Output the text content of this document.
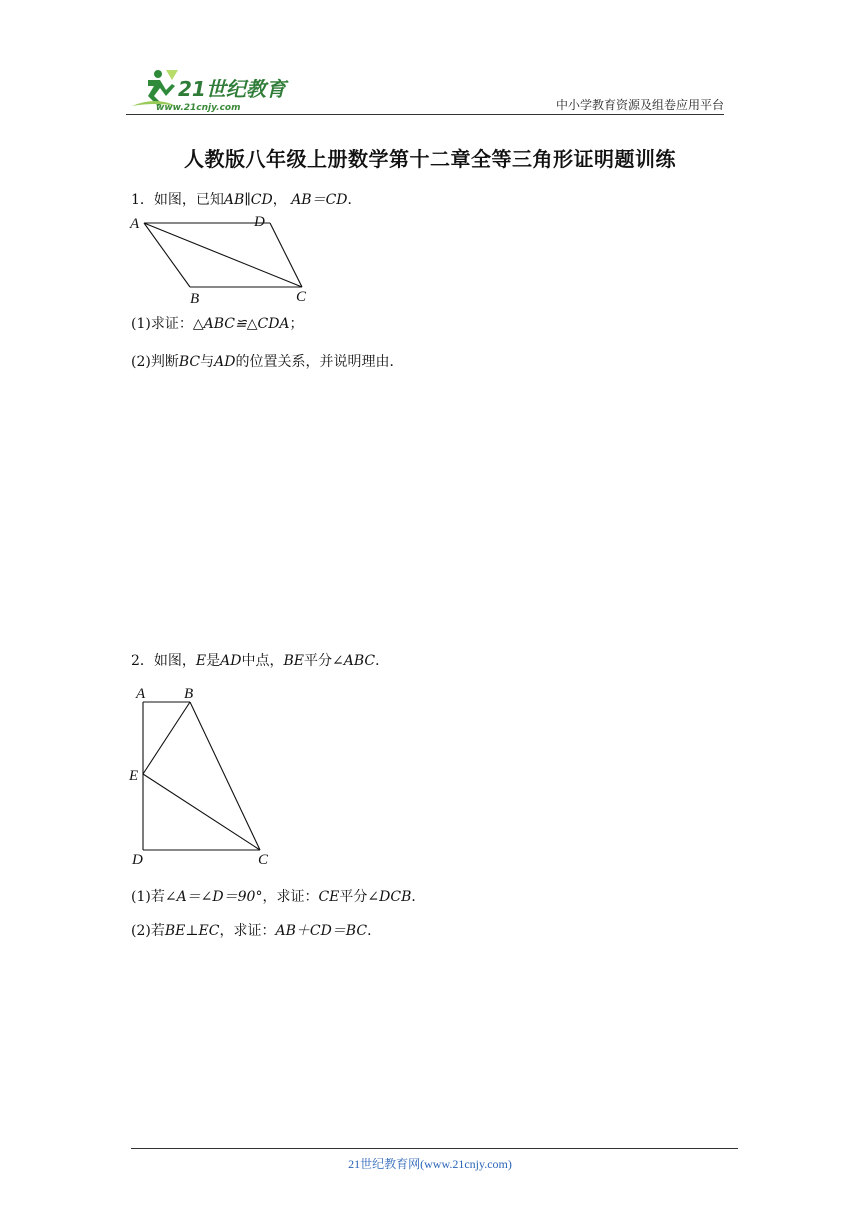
21世纪教育
www.21cnjy.com	中小学教育资源及组卷应用平台
人教版八年级上册数学第十二章全等三角形证明题训练
1．如图，已知AB∥CD， AB＝CD．
A	D
B	C
(1)求证：△ABC≌△CDA；
(2)判断BC与AD的位置关系，并说明理由．
2．如图，E是AD中点，BE平分∠ABC．
A	B
E
D	C
(1)若∠A＝∠D＝90°，求证：CE平分∠DCB．
(2)若BE⊥EC，求证：AB＋CD＝BC．
21世纪教育网(www.21cnjy.com)
